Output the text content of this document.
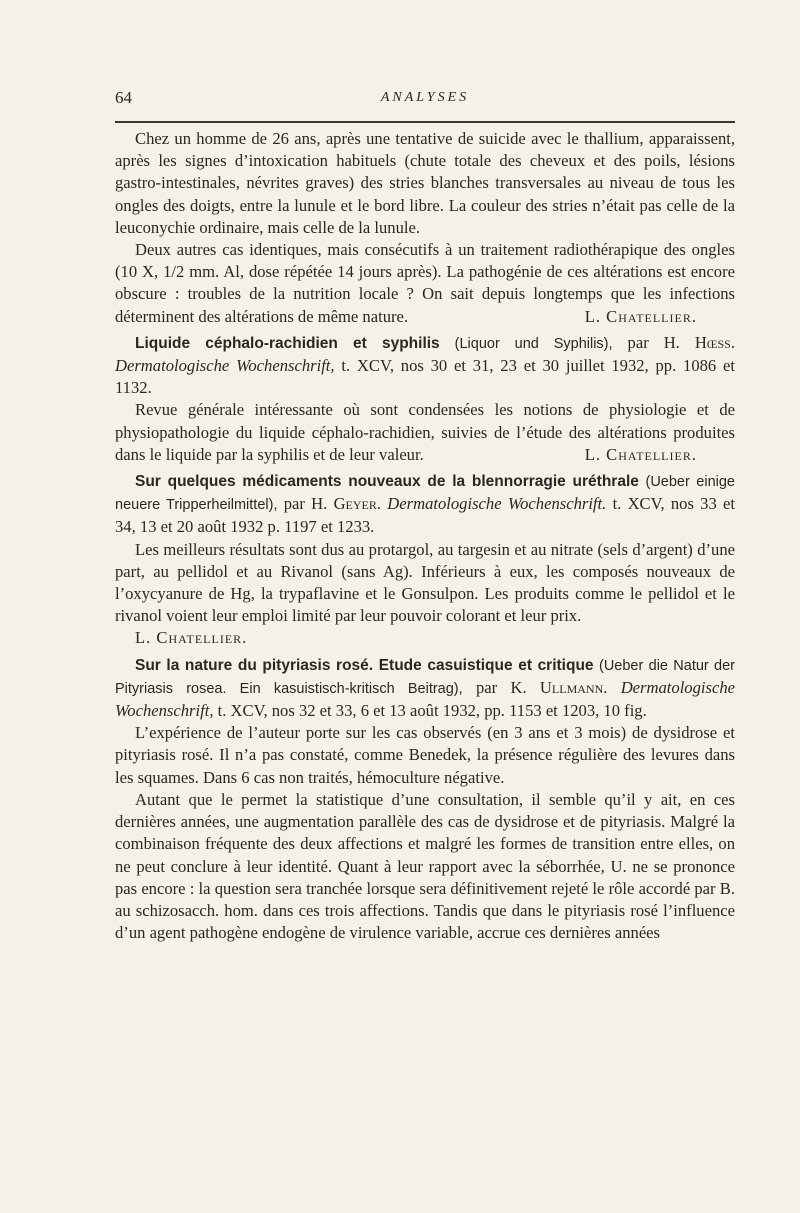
64	ANALYSES

Chez un homme de 26 ans, après une tentative de suicide avec le thallium, apparaissent, après les signes d’intoxication habituels (chute totale des cheveux et des poils, lésions gastro-intestinales, névrites graves) des stries blanches transversales au niveau de tous les ongles des doigts, entre la lunule et le bord libre. La couleur des stries n’était pas celle de la leuconychie ordinaire, mais celle de la lunule.

Deux autres cas identiques, mais consécutifs à un traitement radiothérapique des ongles (10 X, 1/2 mm. Al, dose répétée 14 jours après). La pathogénie de ces altérations est encore obscure : troubles de la nutrition locale ? On sait depuis longtemps que les infections déterminent des altérations de même nature.	L. Chatellier.

Liquide céphalo-rachidien et syphilis (Liquor und Syphilis), par H. Hœss. Dermatologische Wochenschrift, t. XCV, nos 30 et 31, 23 et 30 juillet 1932, pp. 1086 et 1132.

Revue générale intéressante où sont condensées les notions de physiologie et de physiopathologie du liquide céphalo-rachidien, suivies de l’étude des altérations produites dans le liquide par la syphilis et de leur valeur.	L. Chatellier.

Sur quelques médicaments nouveaux de la blennorragie uréthrale (Ueber einige neuere Tripperheilmittel), par H. Geyer. Dermatologische Wochenschrift. t. XCV, nos 33 et 34, 13 et 20 août 1932 p. 1197 et 1233.

Les meilleurs résultats sont dus au protargol, au targesin et au nitrate (sels d’argent) d’une part, au pellidol et au Rivanol (sans Ag). Inférieurs à eux, les composés nouveaux de l’oxycyanure de Hg, la trypaflavine et le Gonsulpon. Les produits comme le pellidol et le rivanol voient leur emploi limité par leur pouvoir colorant et leur prix.

L. Chatellier.

Sur la nature du pityriasis rosé. Etude casuistique et critique (Ueber die Natur der Pityriasis rosea. Ein kasuistisch-kritisch Beitrag), par K. Ullmann. Dermatologische Wochenschrift, t. XCV, nos 32 et 33, 6 et 13 août 1932, pp. 1153 et 1203, 10 fig.

L’expérience de l’auteur porte sur les cas observés (en 3 ans et 3 mois) de dysidrose et pityriasis rosé. Il n’a pas constaté, comme Benedek, la présence régulière des levures dans les squames. Dans 6 cas non traités, hémoculture négative.

Autant que le permet la statistique d’une consultation, il semble qu’il y ait, en ces dernières années, une augmentation parallèle des cas de dysidrose et de pityriasis. Malgré la combinaison fréquente des deux affections et malgré les formes de transition entre elles, on ne peut conclure à leur identité. Quant à leur rapport avec la séborrhée, U. ne se prononce pas encore : la question sera tranchée lorsque sera définitivement rejeté le rôle accordé par B. au schizosacch. hom. dans ces trois affections. Tandis que dans le pityriasis rosé l’influence d’un agent pathogène endogène de virulence variable, accrue ces dernières années
